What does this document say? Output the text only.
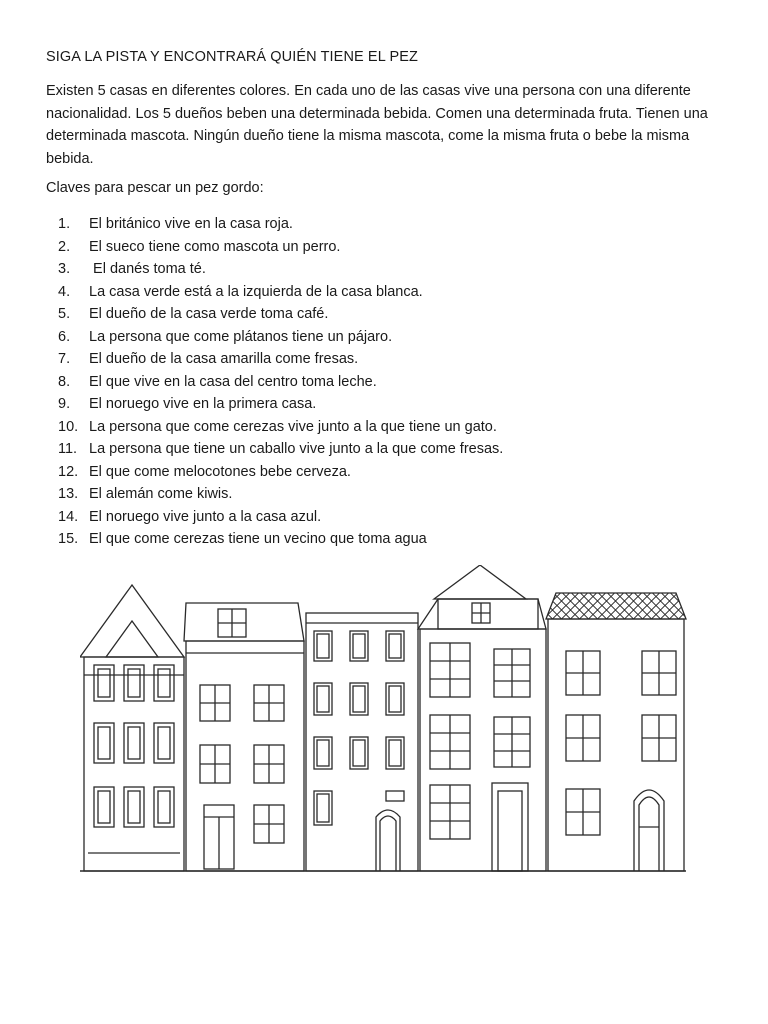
SIGA LA PISTA Y ENCONTRARÁ QUIÉN TIENE EL PEZ
Existen 5 casas en diferentes colores. En cada uno de las casas vive una persona con una diferente nacionalidad. Los 5 dueños beben una determinada bebida. Comen una determinada fruta. Tienen una determinada mascota. Ningún dueño tiene la misma mascota, come la misma fruta o bebe la misma bebida.
Claves para pescar un pez gordo:
1.	El británico vive en la casa roja.
2.	El sueco tiene como mascota un perro.
3.	El danés toma té.
4.	La casa verde está a la izquierda de la casa blanca.
5.	El dueño de la casa verde toma café.
6.	La persona que come plátanos tiene un pájaro.
7.	El dueño de la casa amarilla come fresas.
8.	El que vive en la casa del centro toma leche.
9.	El noruego vive en la primera casa.
10. La persona que come cerezas vive junto a la que tiene un gato.
11. La persona que tiene un caballo vive junto a la que come fresas.
12. El que come melocotones bebe cerveza.
13. El alemán come kiwis.
14. El noruego vive junto a la casa azul.
15. El que come cerezas tiene un vecino que toma agua
